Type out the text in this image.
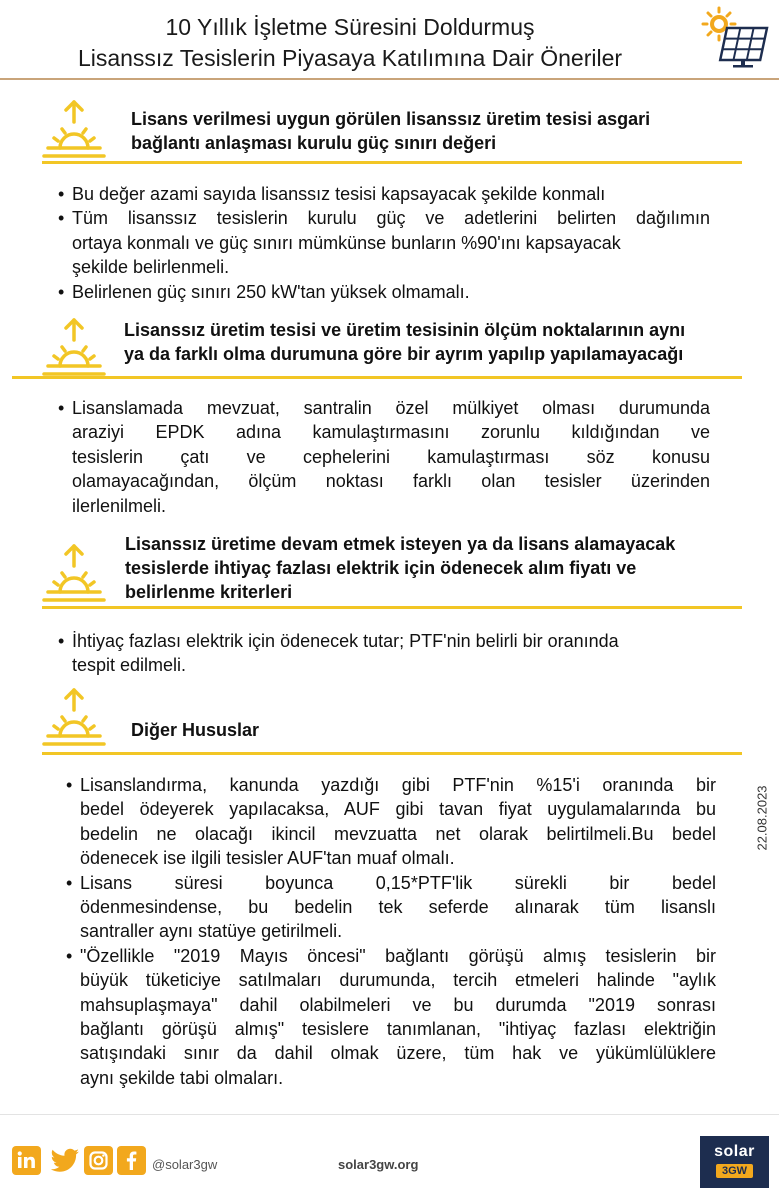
10 Yıllık İşletme Süresini Doldurmuş
Lisanssız Tesislerin Piyasaya Katılımına Dair Öneriler
Lisans verilmesi uygun görülen lisanssız üretim tesisi asgari
bağlantı anlaşması kurulu güç sınırı değeri
• Bu değer azami sayıda lisanssız tesisi kapsayacak şekilde konmalı
• Tüm lisanssız tesislerin kurulu güç ve adetlerini belirten dağılımın
ortaya konmalı ve güç sınırı mümkünse bunların %90'ını kapsayacak
şekilde belirlenmeli.
• Belirlenen güç sınırı 250 kW'tan yüksek olmamalı.
Lisanssız üretim tesisi ve üretim tesisinin ölçüm noktalarının aynı
ya da farklı olma durumuna göre bir ayrım yapılıp yapılamayacağı
• Lisanslamada mevzuat, santralin özel mülkiyet olması durumunda
araziyi EPDK adına kamulaştırmasını zorunlu kıldığından ve
tesislerin çatı ve cephelerini kamulaştırması söz konusu
olamayacağından, ölçüm noktası farklı olan tesisler üzerinden
ilerlenilmeli.
Lisanssız üretime devam etmek isteyen ya da lisans alamayacak
tesislerde ihtiyaç fazlası elektrik için ödenecek alım fiyatı ve
belirlenme kriterleri
• İhtiyaç fazlası elektrik için ödenecek tutar; PTF'nin belirli bir oranında
tespit edilmeli.
Diğer Hususlar
• Lisanslandırma, kanunda yazdığı gibi PTF'nin %15'i oranında bir
bedel ödeyerek yapılacaksa, AUF gibi tavan fiyat uygulamalarında bu
bedelin ne olacağı ikincil mevzuatta net olarak belirtilmeli.Bu bedel
ödenecek ise ilgili tesisler AUF'tan muaf olmalı.
• Lisans süresi boyunca 0,15*PTF'lik sürekli bir bedel
ödenmesindense, bu bedelin tek seferde alınarak tüm lisanslı
santraller aynı statüye getirilmeli.
• "Özellikle "2019 Mayıs öncesi" bağlantı görüşü almış tesislerin bir
büyük tüketiciye satılmaları durumunda, tercih etmeleri halinde "aylık
mahsuplaşmaya" dahil olabilmeleri ve bu durumda "2019 sonrası
bağlantı görüşü almış" tesislere tanımlanan, "ihtiyaç fazlası elektriğin
satışındaki sınır da dahil olmak üzere, tüm hak ve yükümlülüklere
aynı şekilde tabi olmaları.
22.08.2023
@solar3gw	solar3gw.org
solar
3GW
